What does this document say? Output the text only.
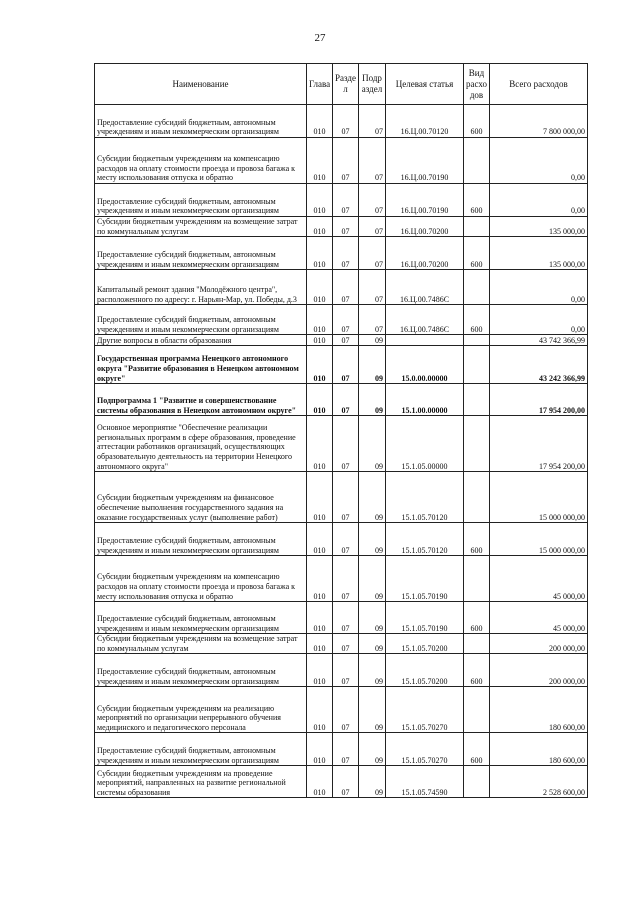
27
Наименование	Глава	Разде л	Подр аздел	Целевая статья	Вид расхо дов	Всего расходов
Предоставление субсидий бюджетным, автономным учреждениям и иным некоммерческим организациям	010	07	07	16.Ц.00.70120	600	7 800 000,00
Субсидии бюджетным учреждениям на компенсацию расходов на оплату стоимости проезда и провоза багажа к месту использования отпуска и обратно	010	07	07	16.Ц.00.70190		0,00
Предоставление субсидий бюджетным, автономным учреждениям и иным некоммерческим организациям	010	07	07	16.Ц.00.70190	600	0,00
Субсидии бюджетным учреждениям на возмещение затрат по коммунальным услугам	010	07	07	16.Ц.00.70200		135 000,00
Предоставление субсидий бюджетным, автономным учреждениям и иным некоммерческим организациям	010	07	07	16.Ц.00.70200	600	135 000,00
Капитальный ремонт здания "Молодёжного центра", расположенного по адресу: г. Нарьян-Мар, ул. Победы, д.3	010	07	07	16.Ц.00.7486С		0,00
Предоставление субсидий бюджетным, автономным учреждениям и иным некоммерческим организациям	010	07	07	16.Ц.00.7486С	600	0,00
Другие вопросы в области образования	010	07	09			43 742 366,99
Государственная программа Ненецкого автономного округа "Развитие образования в Ненецком автономном округе"	010	07	09	15.0.00.00000		43 242 366,99
Подпрограмма 1 "Развитие и совершенствование системы образования в Ненецком автономном округе"	010	07	09	15.1.00.00000		17 954 200,00
Основное мероприятие "Обеспечение реализации региональных программ в сфере образования, проведение аттестации работников организаций, осуществляющих образовательную деятельность на территории Ненецкого автономного округа"	010	07	09	15.1.05.00000		17 954 200,00
Субсидии бюджетным учреждениям на финансовое обеспечение выполнения государственного задания на оказание государственных услуг (выполнение работ)	010	07	09	15.1.05.70120		15 000 000,00
Предоставление субсидий бюджетным, автономным учреждениям и иным некоммерческим организациям	010	07	09	15.1.05.70120	600	15 000 000,00
Субсидии бюджетным учреждениям на компенсацию расходов на оплату стоимости проезда и провоза багажа к месту использования отпуска и обратно	010	07	09	15.1.05.70190		45 000,00
Предоставление субсидий бюджетным, автономным учреждениям и иным некоммерческим организациям	010	07	09	15.1.05.70190	600	45 000,00
Субсидии бюджетным учреждениям на возмещение затрат по коммунальным услугам	010	07	09	15.1.05.70200		200 000,00
Предоставление субсидий бюджетным, автономным учреждениям и иным некоммерческим организациям	010	07	09	15.1.05.70200	600	200 000,00
Субсидии бюджетным учреждениям на реализацию мероприятий по организации непрерывного обучения медицинского и педагогического персонала	010	07	09	15.1.05.70270		180 600,00
Предоставление субсидий бюджетным, автономным учреждениям и иным некоммерческим организациям	010	07	09	15.1.05.70270	600	180 600,00
Субсидии бюджетным учреждениям на проведение мероприятий, направленных на развитие региональной системы образования	010	07	09	15.1.05.74590		2 528 600,00
